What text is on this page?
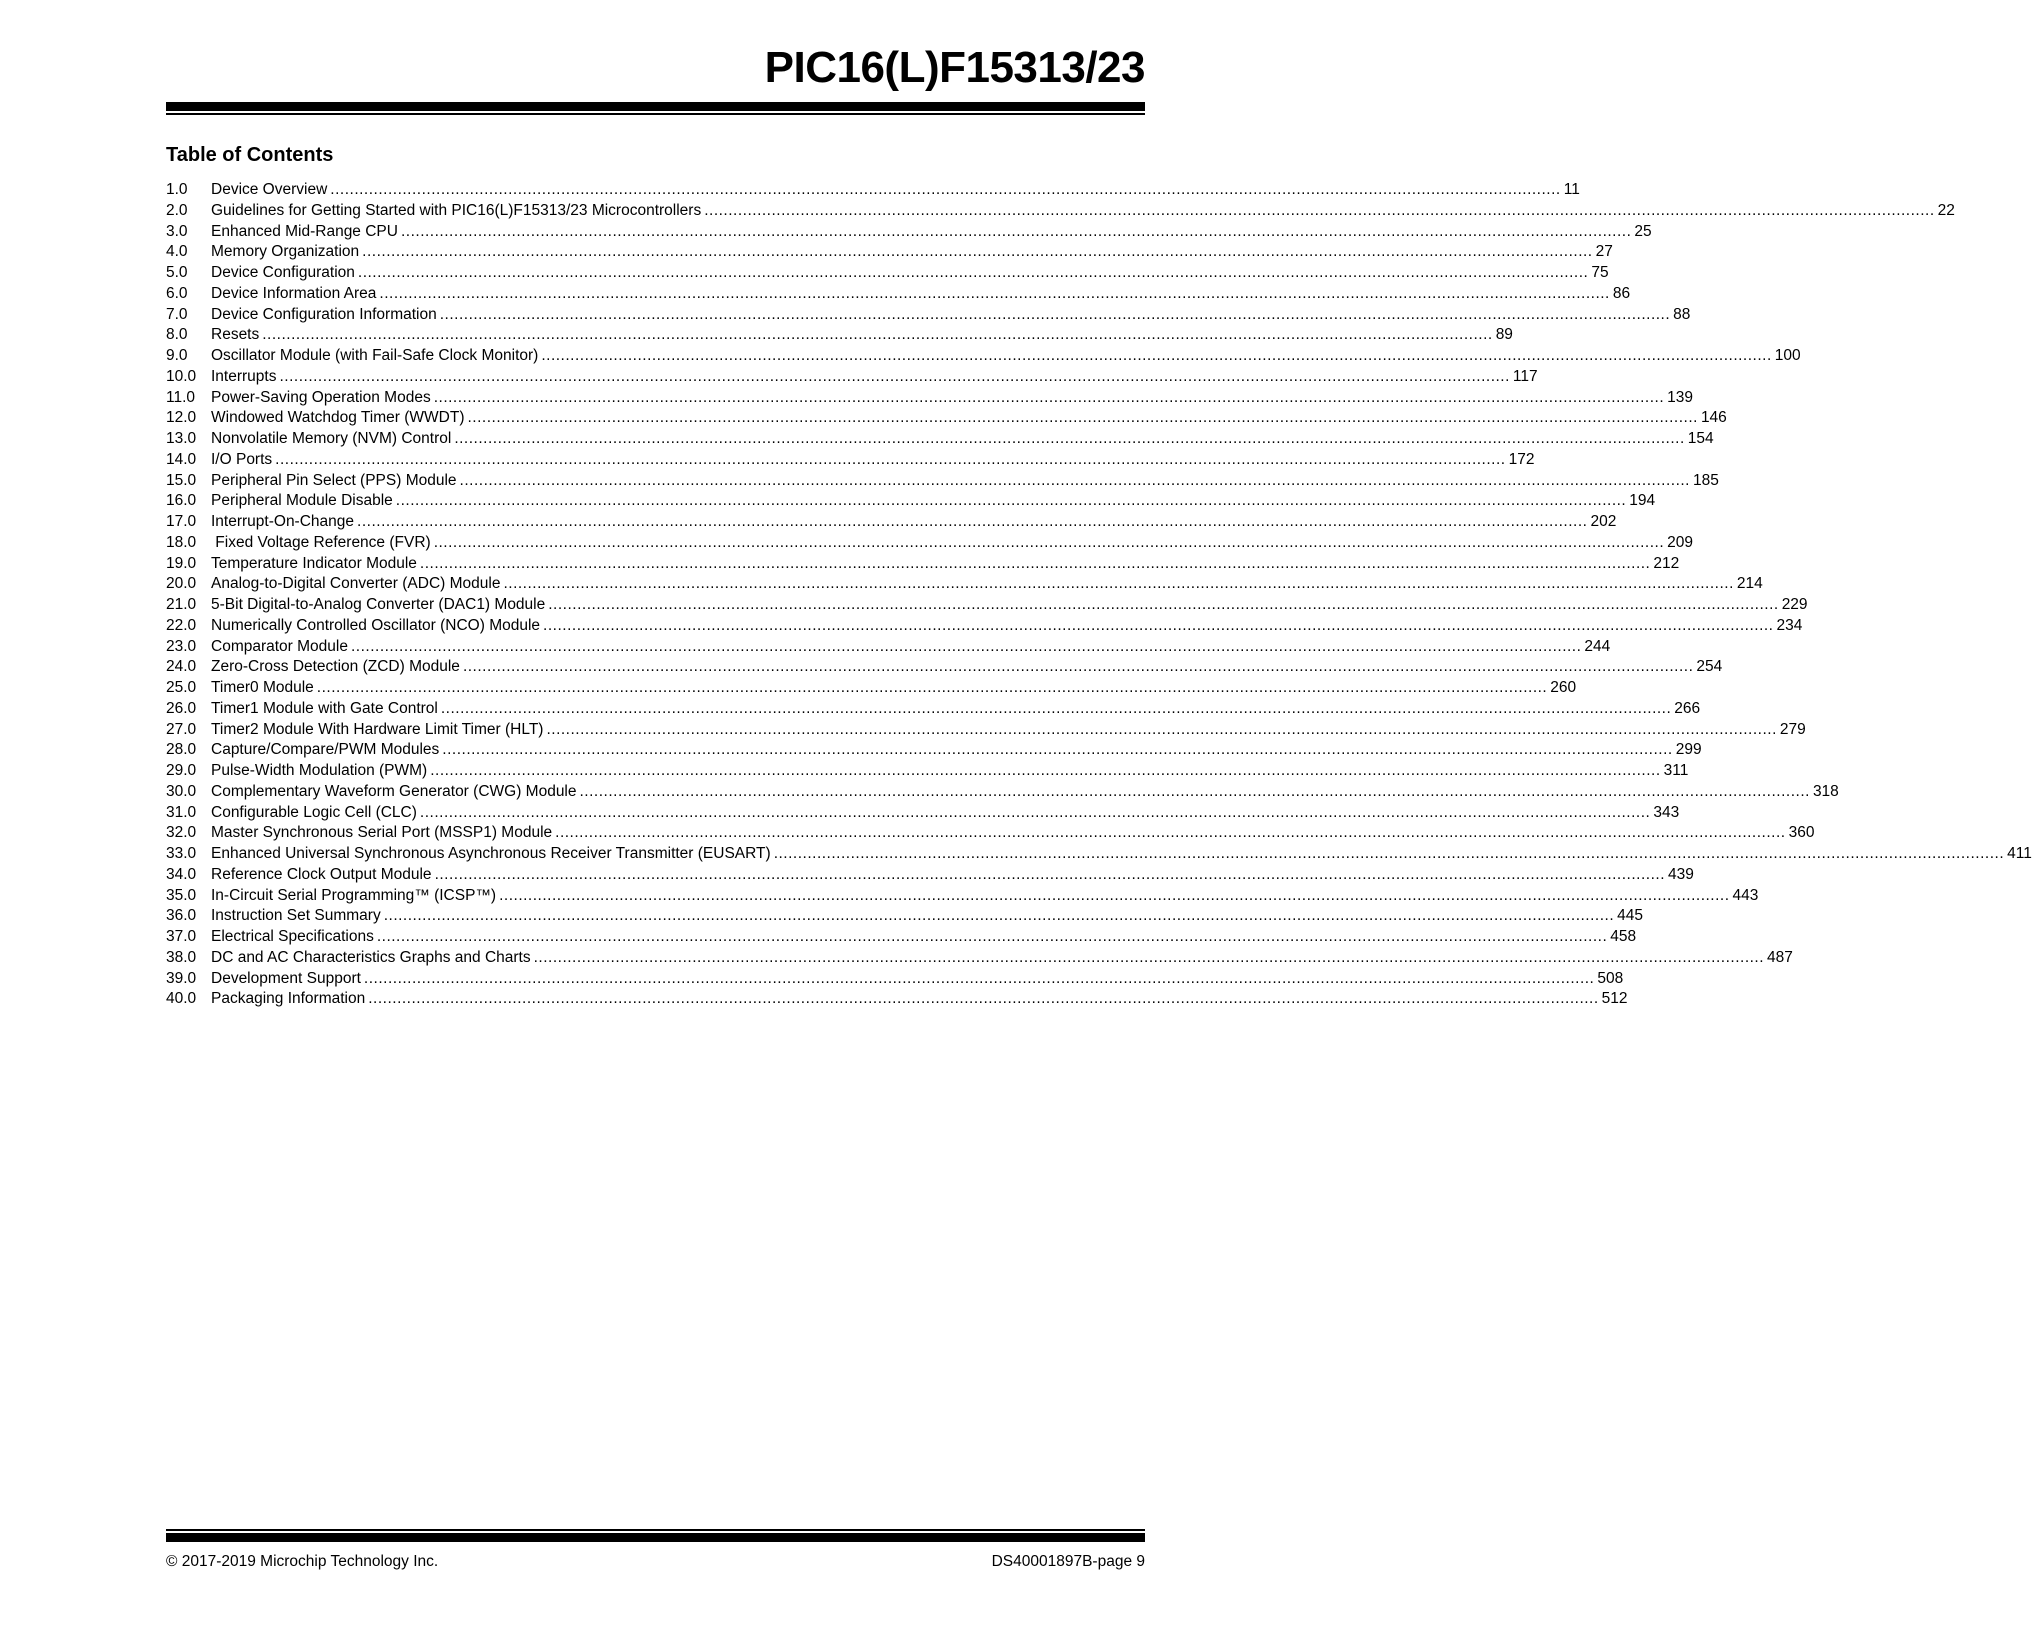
PIC16(L)F15313/23
Table of Contents
1.0	Device Overview .....	11
2.0	Guidelines for Getting Started with PIC16(L)F15313/23 Microcontrollers .....	22
3.0	Enhanced Mid-Range CPU .....	25
4.0	Memory Organization .....	27
5.0	Device Configuration .....	75
6.0	Device Information Area .....	86
7.0	Device Configuration Information .....	88
8.0	Resets .....	89
9.0	Oscillator Module (with Fail-Safe Clock Monitor) .....	100
10.0 Interrupts .....	117
11.0	Power-Saving Operation Modes .....	139
12.0 Windowed Watchdog Timer (WWDT) .....	146
13.0 Nonvolatile Memory (NVM) Control .....	154
14.0 I/O Ports .....	172
15.0 Peripheral Pin Select (PPS) Module .....	185
16.0 Peripheral Module Disable .....	194
17.0 Interrupt-On-Change .....	202
18.0 Fixed Voltage Reference (FVR) .....	209
19.0 Temperature Indicator Module .....	212
20.0 Analog-to-Digital Converter (ADC) Module .....	214
21.0 5-Bit Digital-to-Analog Converter (DAC1) Module .....	229
22.0 Numerically Controlled Oscillator (NCO) Module .....	234
23.0 Comparator Module .....	244
24.0 Zero-Cross Detection (ZCD) Module .....	254
25.0 Timer0 Module .....	260
26.0 Timer1 Module with Gate Control .....	266
27.0 Timer2 Module With Hardware Limit Timer (HLT) .....	279
28.0 Capture/Compare/PWM Modules .....	299
29.0 Pulse-Width Modulation (PWM) .....	311
30.0 Complementary Waveform Generator (CWG) Module .....	318
31.0 Configurable Logic Cell (CLC) .....	343
32.0 Master Synchronous Serial Port (MSSP1) Module .....	360
33.0 Enhanced Universal Synchronous Asynchronous Receiver Transmitter (EUSART) .....	411
34.0 Reference Clock Output Module .....	439
35.0 In-Circuit Serial Programming™ (ICSP™) .....	443
36.0 Instruction Set Summary .....	445
37.0 Electrical Specifications .....	458
38.0 DC and AC Characteristics Graphs and Charts .....	487
39.0 Development Support .....	508
40.0 Packaging Information .....	512
© 2017-2019 Microchip Technology Inc.	DS40001897B-page 9
